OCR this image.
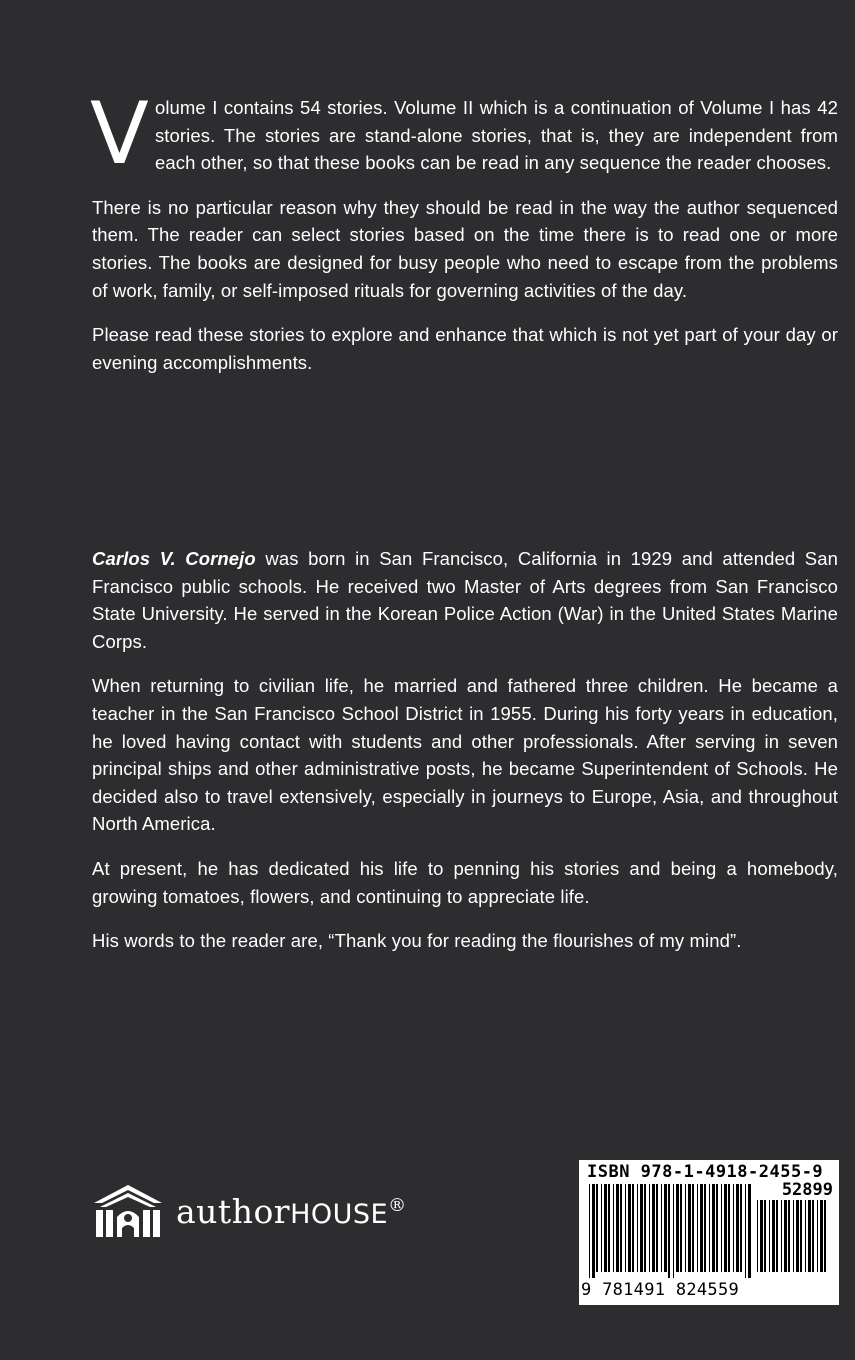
Volume I contains 54 stories. Volume II which is a continuation of Volume I has 42 stories. The stories are stand-alone stories, that is, they are independent from each other, so that these books can be read in any sequence the reader chooses.

There is no particular reason why they should be read in the way the author sequenced them. The reader can select stories based on the time there is to read one or more stories. The books are designed for busy people who need to escape from the problems of work, family, or self-imposed rituals for governing activities of the day.

Please read these stories to explore and enhance that which is not yet part of your day or evening accomplishments.

Carlos V. Cornejo was born in San Francisco, California in 1929 and attended San Francisco public schools. He received two Master of Arts degrees from San Francisco State University. He served in the Korean Police Action (War) in the United States Marine Corps.

When returning to civilian life, he married and fathered three children. He became a teacher in the San Francisco School District in 1955. During his forty years in education, he loved having contact with students and other professionals. After serving in seven principal ships and other administrative posts, he became Superintendent of Schools. He decided also to travel extensively, especially in journeys to Europe, Asia, and throughout North America.

At present, he has dedicated his life to penning his stories and being a homebody, growing tomatoes, flowers, and continuing to appreciate life.

His words to the reader are, “Thank you for reading the flourishes of my mind”.

authorHOUSE®
ISBN 978-1-4918-2455-9
52899
9 781491 824559
